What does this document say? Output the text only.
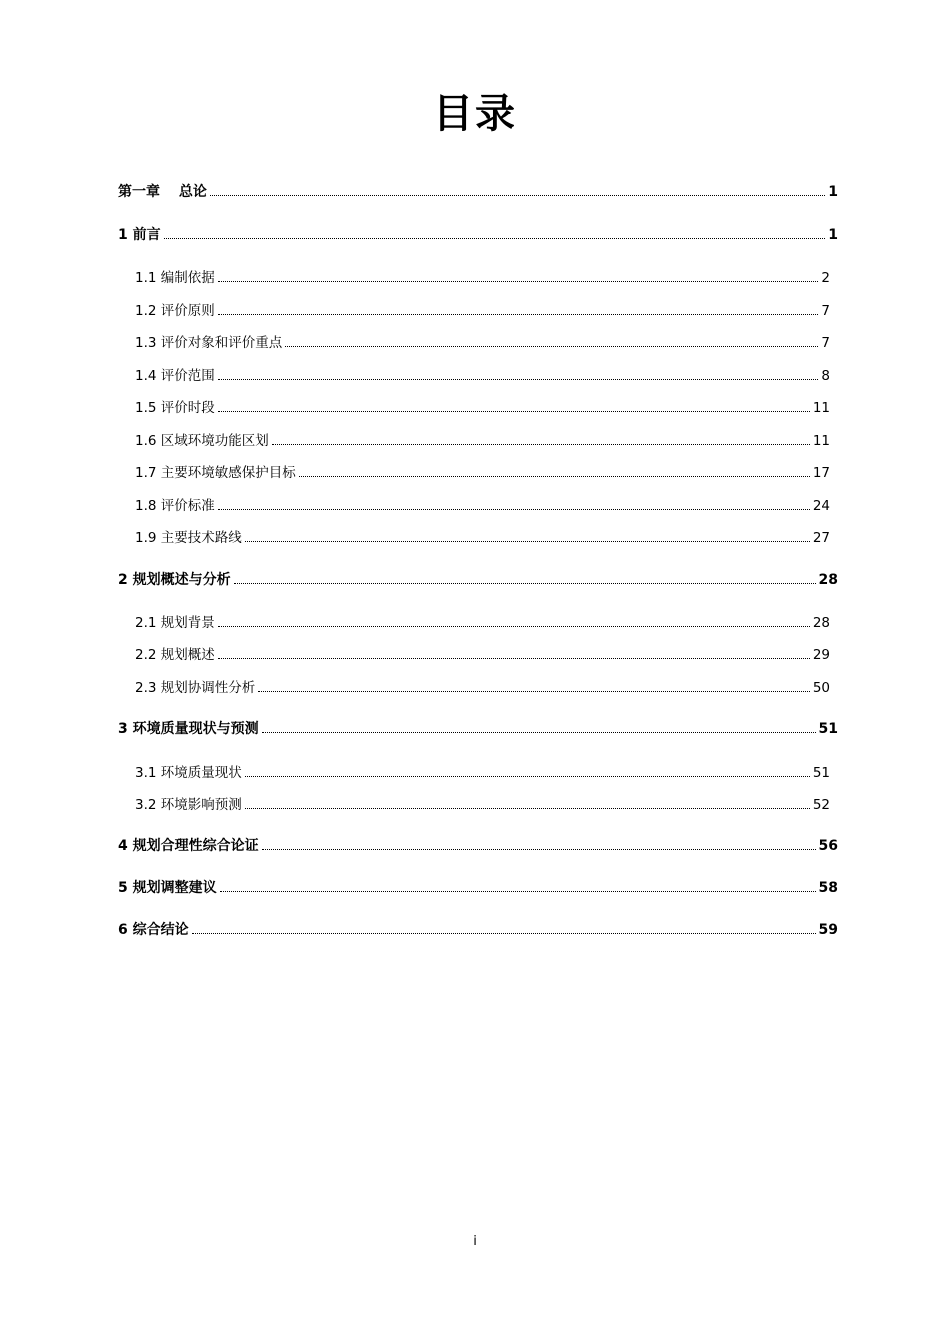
目录
第一章　 总论	1
1 前言	1
1.1 编制依据	2
1.2 评价原则	7
1.3 评价对象和评价重点	7
1.4 评价范围	8
1.5 评价时段	11
1.6 区域环境功能区划	11
1.7 主要环境敏感保护目标	17
1.8 评价标准	24
1.9 主要技术路线	27
2 规划概述与分析	28
2.1 规划背景	28
2.2 规划概述	29
2.3 规划协调性分析	50
3 环境质量现状与预测	51
3.1 环境质量现状	51
3.2 环境影响预测	52
4 规划合理性综合论证	56
5 规划调整建议	58
6 综合结论	59
i
